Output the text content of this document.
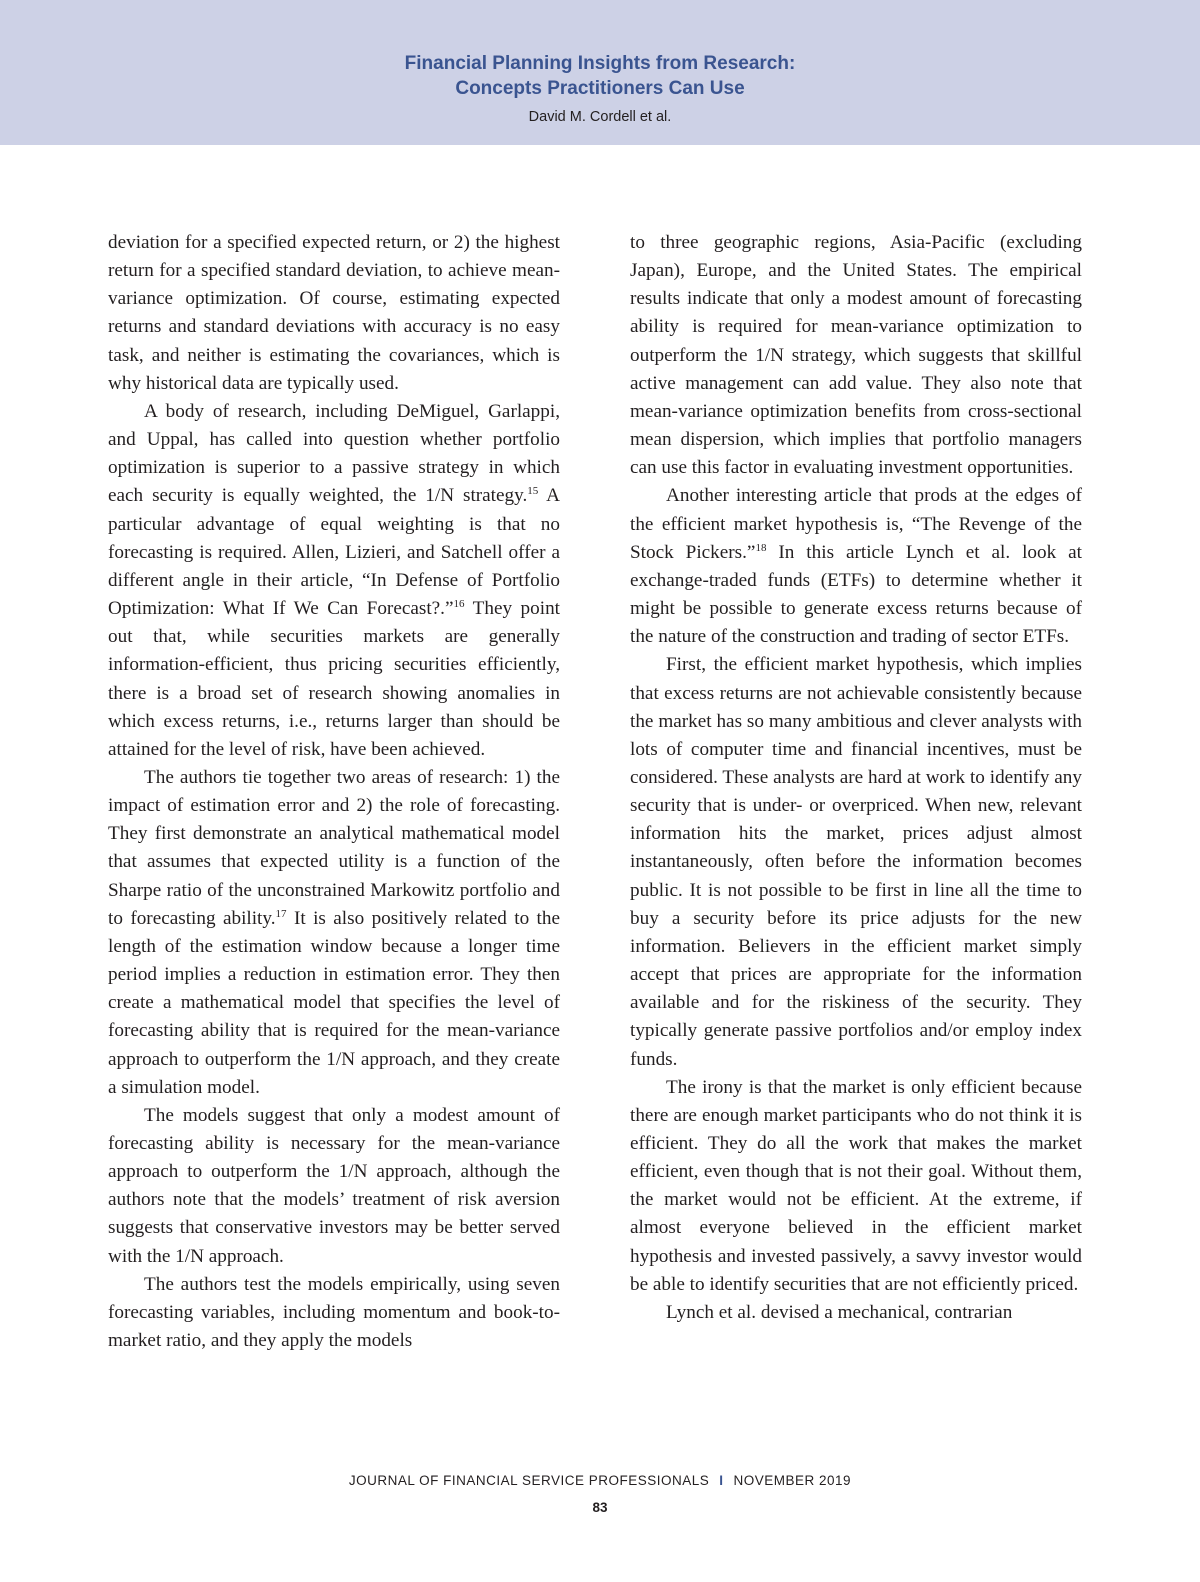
Financial Planning Insights from Research:
Concepts Practitioners Can Use
David M. Cordell et al.

deviation for a specified expected return, or 2) the highest return for a specified standard deviation, to achieve mean-variance optimization. Of course, estimating expected returns and standard deviations with accuracy is no easy task, and neither is estimating the covariances, which is why historical data are typically used.

A body of research, including DeMiguel, Garlappi, and Uppal, has called into question whether portfolio optimization is superior to a passive strategy in which each security is equally weighted, the 1/N strategy.$^{15}$ A particular advantage of equal weighting is that no forecasting is required. Allen, Lizieri, and Satchell offer a different angle in their article, “In Defense of Portfolio Optimization: What If We Can Forecast?.”$^{16}$ They point out that, while securities markets are generally information-efficient, thus pricing securities efficiently, there is a broad set of research showing anomalies in which excess returns, i.e., returns larger than should be attained for the level of risk, have been achieved.

The authors tie together two areas of research: 1) the impact of estimation error and 2) the role of forecasting. They first demonstrate an analytical mathematical model that assumes that expected utility is a function of the Sharpe ratio of the unconstrained Markowitz portfolio and to forecasting ability.$^{17}$ It is also positively related to the length of the estimation window because a longer time period implies a reduction in estimation error. They then create a mathematical model that specifies the level of forecasting ability that is required for the mean-variance approach to outperform the 1/N approach, and they create a simulation model.

The models suggest that only a modest amount of forecasting ability is necessary for the mean-variance approach to outperform the 1/N approach, although the authors note that the models’ treatment of risk aversion suggests that conservative investors may be better served with the 1/N approach.

The authors test the models empirically, using seven forecasting variables, including momentum and book-to-market ratio, and they apply the models

to three geographic regions, Asia-Pacific (excluding Japan), Europe, and the United States. The empirical results indicate that only a modest amount of forecasting ability is required for mean-variance optimization to outperform the 1/N strategy, which suggests that skillful active management can add value. They also note that mean-variance optimization benefits from cross-sectional mean dispersion, which implies that portfolio managers can use this factor in evaluating investment opportunities.

Another interesting article that prods at the edges of the efficient market hypothesis is, “The Revenge of the Stock Pickers.”$^{18}$ In this article Lynch et al. look at exchange-traded funds (ETFs) to determine whether it might be possible to generate excess returns because of the nature of the construction and trading of sector ETFs.

First, the efficient market hypothesis, which implies that excess returns are not achievable consistently because the market has so many ambitious and clever analysts with lots of computer time and financial incentives, must be considered. These analysts are hard at work to identify any security that is under- or overpriced. When new, relevant information hits the market, prices adjust almost instantaneously, often before the information becomes public. It is not possible to be first in line all the time to buy a security before its price adjusts for the new information. Believers in the efficient market simply accept that prices are appropriate for the information available and for the riskiness of the security. They typically generate passive portfolios and/or employ index funds.

The irony is that the market is only efficient because there are enough market participants who do not think it is efficient. They do all the work that makes the market efficient, even though that is not their goal. Without them, the market would not be efficient. At the extreme, if almost everyone believed in the efficient market hypothesis and invested passively, a savvy investor would be able to identify securities that are not efficiently priced.

Lynch et al. devised a mechanical, contrarian

JOURNAL OF FINANCIAL SERVICE PROFESSIONALS I NOVEMBER 2019
83
